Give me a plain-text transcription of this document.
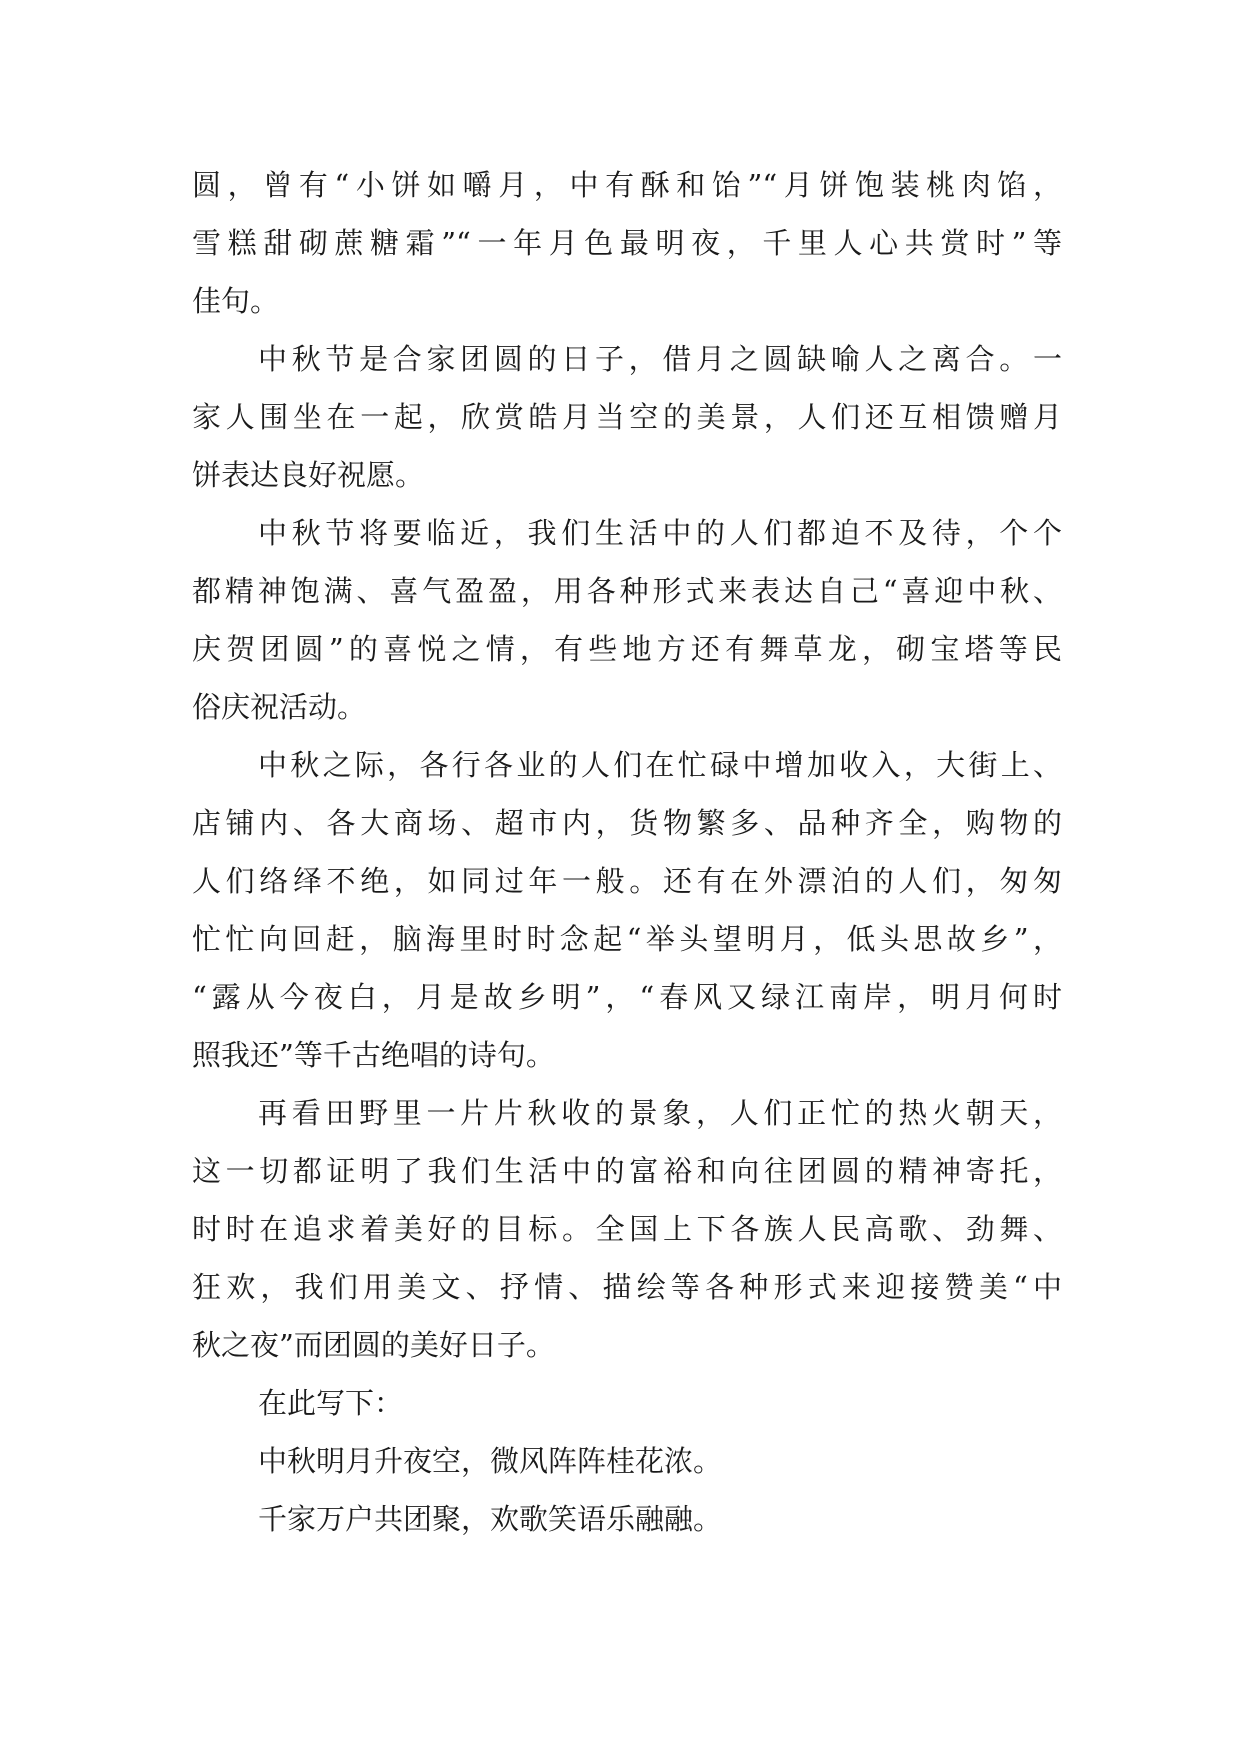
圆，曾有“小饼如嚼月，中有酥和饴”“月饼饱装桃肉馅，
雪糕甜砌蔗糖霜”“一年月色最明夜，千里人心共赏时”等
佳句。
中秋节是合家团圆的日子，借月之圆缺喻人之离合。一
家人围坐在一起，欣赏皓月当空的美景，人们还互相馈赠月
饼表达良好祝愿。
中秋节将要临近，我们生活中的人们都迫不及待，个个
都精神饱满、喜气盈盈，用各种形式来表达自己“喜迎中秋、
庆贺团圆”的喜悦之情，有些地方还有舞草龙，砌宝塔等民
俗庆祝活动。
中秋之际，各行各业的人们在忙碌中增加收入，大街上、
店铺内、各大商场、超市内，货物繁多、品种齐全，购物的
人们络绎不绝，如同过年一般。还有在外漂泊的人们，匆匆
忙忙向回赶，脑海里时时念起“举头望明月，低头思故乡”，
“露从今夜白，月是故乡明”，“春风又绿江南岸，明月何时
照我还”等千古绝唱的诗句。
再看田野里一片片秋收的景象，人们正忙的热火朝天，
这一切都证明了我们生活中的富裕和向往团圆的精神寄托，
时时在追求着美好的目标。全国上下各族人民高歌、劲舞、
狂欢，我们用美文、抒情、描绘等各种形式来迎接赞美“中
秋之夜”而团圆的美好日子。
在此写下：
中秋明月升夜空，微风阵阵桂花浓。
千家万户共团聚，欢歌笑语乐融融。
